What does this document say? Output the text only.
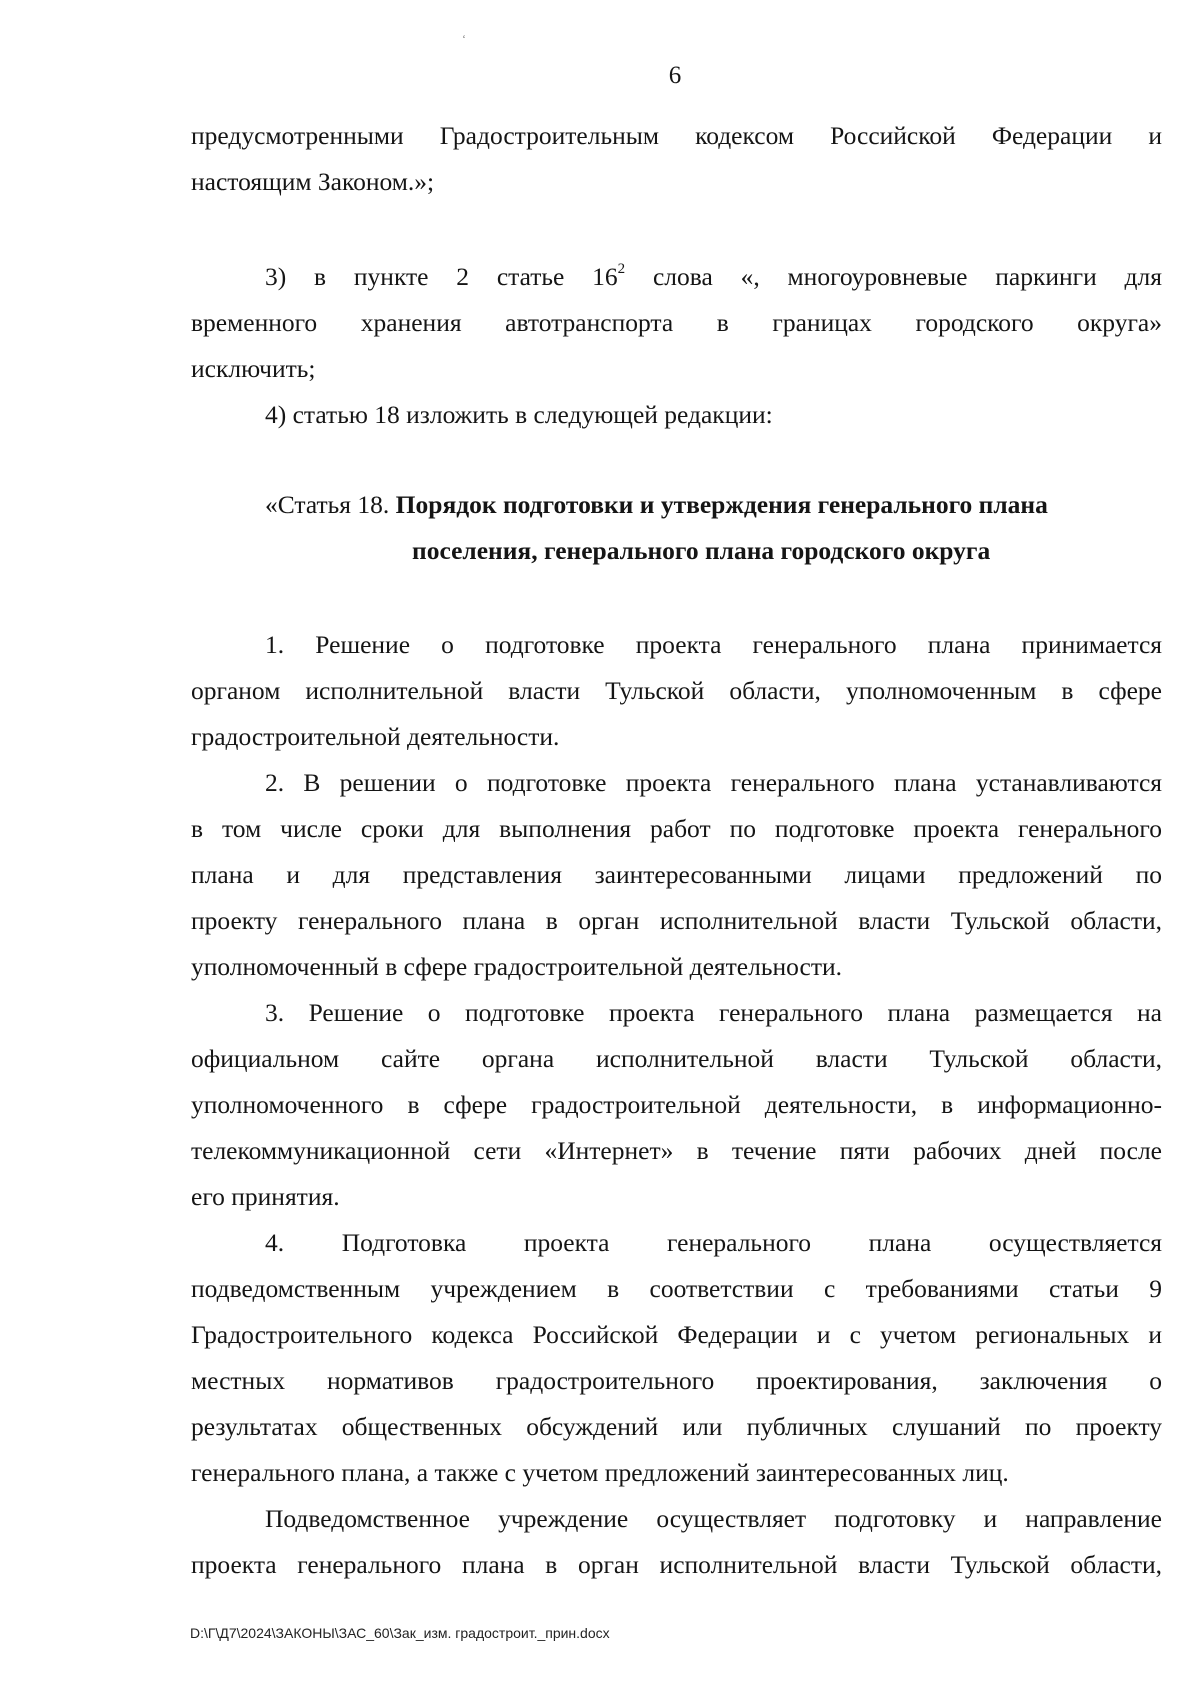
ʻ
6

предусмотренными Градостроительным кодексом Российской Федерации и

настоящим Законом.»;

3) в пункте 2 статье $16^2$ слова «, многоуровневые паркинги для

временного хранения автотранспорта в границах городского округа»

исключить;

4) статью 18 изложить в следующей редакции:

«Статья 18. Порядок подготовки и утверждения генерального плана
поселения, генерального плана городского округа

1. Решение о подготовке проекта генерального плана принимается

органом исполнительной власти Тульской области, уполномоченным в сфере

градостроительной деятельности.

2. В решении о подготовке проекта генерального плана устанавливаются

в том числе сроки для выполнения работ по подготовке проекта генерального

плана и для представления заинтересованными лицами предложений по

проекту генерального плана в орган исполнительной власти Тульской области,

уполномоченный в сфере градостроительной деятельности.

3. Решение о подготовке проекта генерального плана размещается на

официальном сайте органа исполнительной власти Тульской области,

уполномоченного в сфере градостроительной деятельности, в информационно-

телекоммуникационной сети «Интернет» в течение пяти рабочих дней после

его принятия.

4. Подготовка проекта генерального плана осуществляется

подведомственным учреждением в соответствии с требованиями статьи 9

Градостроительного кодекса Российской Федерации и с учетом региональных и

местных нормативов градостроительного проектирования, заключения о

результатах общественных обсуждений или публичных слушаний по проекту

генерального плана, а также с учетом предложений заинтересованных лиц.

Подведомственное учреждение осуществляет подготовку и направление

проекта генерального плана в орган исполнительной власти Тульской области,

D:\Г\Д7\2024\ЗАКОНЫ\ЗАС_60\Зак_изм. градостроит._прин.docx
